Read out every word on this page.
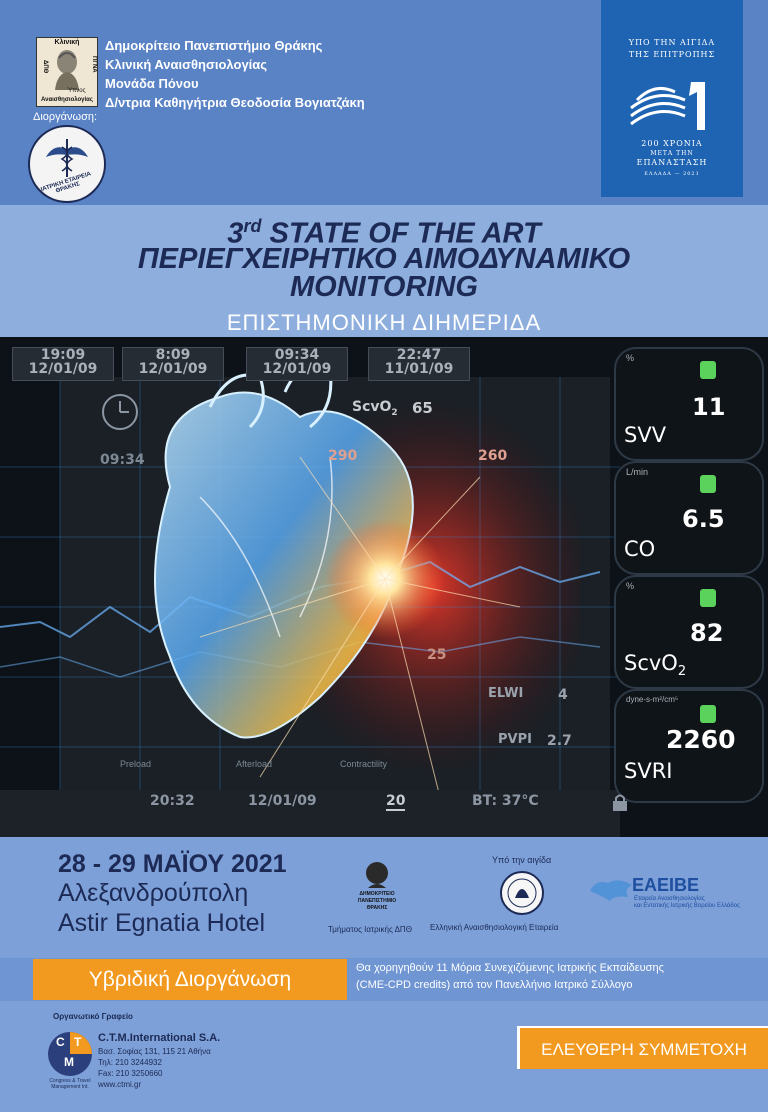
Κλινική
ΔΠΘ	ΠΓΝΑ
Ύπνος
Αναισθησιολογίας
Δημοκρίτειο Πανεπιστήμιο Θράκης
Κλινική Αναισθησιολογίας
Μονάδα Πόνου
Δ/ντρια Καθηγήτρια Θεοδοσία Βογιατζάκη
Διοργάνωση:
ΙΑΤΡΙΚΗ ΕΤΑΙΡΕΙΑ ΘΡΑΚΗΣ
ΥΠΟ ΤΗΝ ΑΙΓΙΔΑ
ΤΗΣ ΕΠΙΤΡΟΠΗΣ
200 ΧΡΟΝΙΑ
ΜΕΤΑ ΤΗΝ
ΕΠΑΝΑΣΤΑΣΗ
ΕΛΛΑΔΑ — 2021
3rd STATE OF THE ART
ΠΕΡΙΕΓΧΕΙΡΗΤΙΚΟ ΑΙΜΟΔΥΝΑΜΙΚΟ
MONITORING
ΕΠΙΣΤΗΜΟΝΙΚΗ ΔΙΗΜΕΡΙΔΑ
19:09
12/01/09
8:09
12/01/09
09:34
12/01/09
22:47
11/01/09
09:34
ScvO$_2$ 65
290	260
25
ELWI 4
PVPI 2.7
Preload	Afterload	Contractility
%
11
SVV
L/min
6.5
CO
%
82
ScvO$_2$
dyne-s-m²/cm⁵
2260
SVRI
20:32	12/01/09	20	BT: 37°C
28 - 29 ΜΑΪΟΥ 2021
Αλεξανδρούπολη
Astir Egnatia Hotel
Υπό την αιγίδα
ΔΗΜΟΚΡΙΤΕΙΟ
ΠΑΝΕΠΙΣΤΗΜΙΟ
ΘΡΑΚΗΣ
Τμήματος Ιατρικής ΔΠΘ Ελληνική Αναισθησιολογική Εταιρεία
ΕΑΕΙΒΕ
Εταιρεία Αναισθησιολογίας
και Εντατικής Ιατρικής Βορείου Ελλάδος
Υβριδική Διοργάνωση	Θα χορηγηθούν 11 Μόρια Συνεχιζόμενης Ιατρικής Εκπαίδευσης
(CME-CPD credits) από τον Πανελλήνιο Ιατρικό Σύλλογο
Οργανωτικό Γραφείο
C T
M
Congress & Travel Management Int.
C.T.M.International S.A.
Βασ. Σοφίας 131, 115 21 Αθήνα
Τηλ: 210 3244932
Fax: 210 3250660
www.ctmi.gr
ΕΛΕΥΘΕΡΗ ΣΥΜΜΕΤΟΧΗ
